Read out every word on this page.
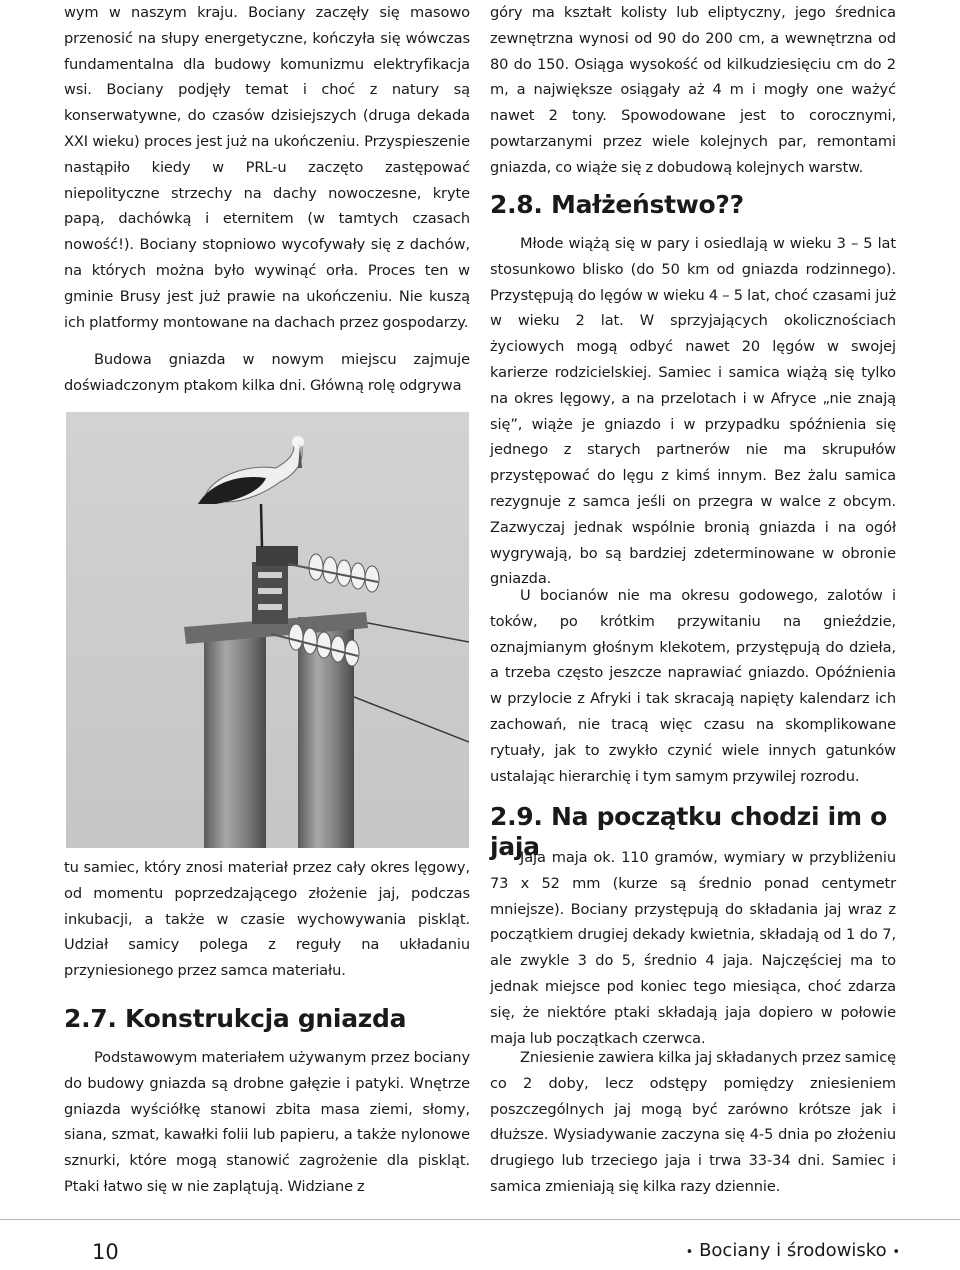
wym w naszym kraju. Bociany zaczęły się masowo przenosić na słupy energetyczne, kończyła się wówczas fundamentalna dla budowy komunizmu elektryfikacja wsi. Bociany podjęły temat i choć z natury są konserwatywne, do czasów dzisiejszych (druga dekada XXI wieku) proces jest już na ukończeniu. Przyspieszenie nastąpiło kiedy w PRL-u zaczęto zastępować niepolityczne strzechy na dachy nowoczesne, kryte papą, dachówką i eternitem (w tamtych czasach nowość!). Bociany stopniowo wycofywały się z dachów, na których można było wywinąć orła. Proces ten w gminie Brusy jest już prawie na ukończeniu. Nie kuszą ich platformy montowane na dachach przez gospodarzy.

Budowa gniazda w nowym miejscu zajmuje doświadczonym ptakom kilka dni. Główną rolę odgrywa

tu samiec, który znosi materiał przez cały okres lęgowy, od momentu poprzedzającego złożenie jaj, podczas inkubacji, a także w czasie wychowywania piskląt. Udział samicy polega z reguły na układaniu przyniesionego przez samca materiału.

2.7. Konstrukcja gniazda

Podstawowym materiałem używanym przez bociany do budowy gniazda są drobne gałęzie i patyki. Wnętrze gniazda wyściółkę stanowi zbita masa ziemi, słomy, siana, szmat, kawałki folii lub papieru, a także nylonowe sznurki, które mogą stanowić zagrożenie dla piskląt. Ptaki łatwo się w nie zaplątują. Widziane z

góry ma kształt kolisty lub eliptyczny, jego średnica zewnętrzna wynosi od 90 do 200 cm, a wewnętrzna od 80 do 150. Osiąga wysokość od kilkudziesięciu cm do 2 m, a największe osiągały aż 4 m i mogły one ważyć nawet 2 tony. Spowodowane jest to corocznymi, powtarzanymi przez wiele kolejnych par, remontami gniazda, co wiąże się z dobudową kolejnych warstw.

2.8. Małżeństwo??

Młode wiążą się w pary i osiedlają w wieku 3 – 5 lat stosunkowo blisko (do 50 km od gniazda rodzinnego). Przystępują do lęgów w wieku 4 – 5 lat, choć czasami już w wieku 2 lat. W sprzyjających okolicznościach życiowych mogą odbyć nawet 20 lęgów w swojej karierze rodzicielskiej. Samiec i samica wiążą się tylko na okres lęgowy, a na przelotach i w Afryce „nie znają się”, wiąże je gniazdo i w przypadku spóźnienia się jednego z starych partnerów nie ma skrupułów przystępować do lęgu z kimś innym. Bez żalu samica rezygnuje z samca jeśli on przegra w walce z obcym. Zazwyczaj jednak wspólnie bronią gniazda i na ogół wygrywają, bo są bardziej zdeterminowane w obronie gniazda.

U bocianów nie ma okresu godowego, zalotów i toków, po krótkim przywitaniu na gnieździe, oznajmianym głośnym klekotem, przystępują do dzieła, a trzeba często jeszcze naprawiać gniazdo. Opóźnienia w przylocie z Afryki i tak skracają napięty kalendarz ich zachowań, nie tracą więc czasu na skomplikowane rytuały, jak to zwykło czynić wiele innych gatunków ustalając hierarchię i tym samym przywilej rozrodu.

2.9. Na początku chodzi im o jaja

Jaja maja ok. 110 gramów, wymiary w przybliżeniu 73 x 52 mm (kurze są średnio ponad centymetr mniejsze). Bociany przystępują do składania jaj wraz z początkiem drugiej dekady kwietnia, składają od 1 do 7, ale zwykle 3 do 5, średnio 4 jaja. Najczęściej ma to jednak miejsce pod koniec tego miesiąca, choć zdarza się, że niektóre ptaki składają jaja dopiero w połowie maja lub początkach czerwca.

Zniesienie zawiera kilka jaj składanych przez samicę co 2 doby, lecz odstępy pomiędzy zniesieniem poszczególnych jaj mogą być zarówno krótsze jak i dłuższe. Wysiadywanie zaczyna się 4-5 dnia po złożeniu drugiego lub trzeciego jaja i trwa 33-34 dni. Samiec i samica zmieniają się kilka razy dziennie.

10	• Bociany i środowisko •
